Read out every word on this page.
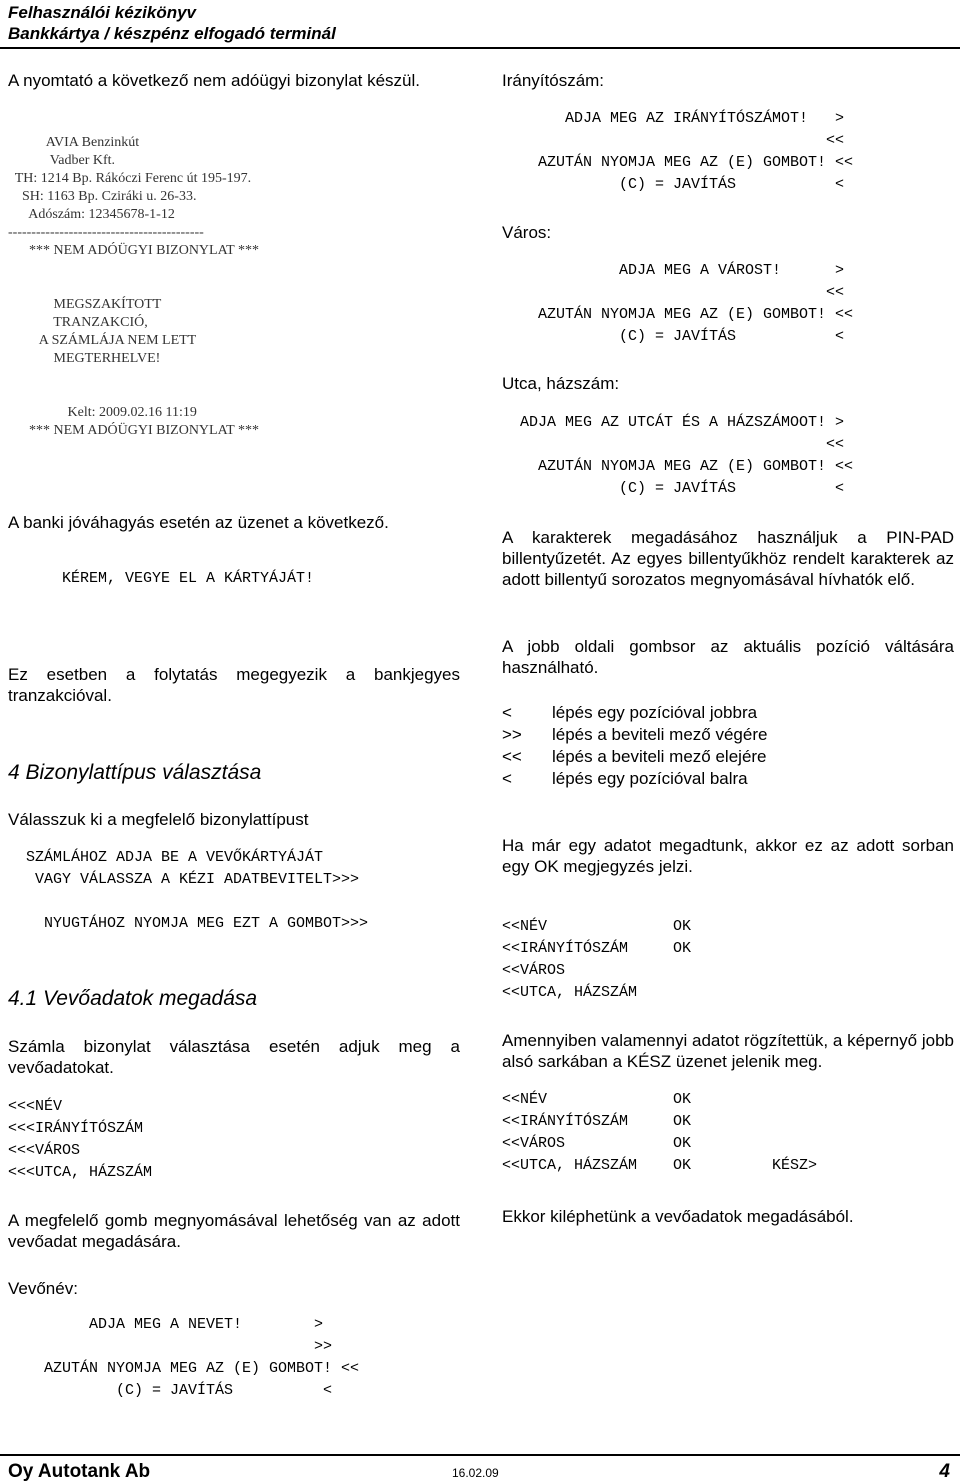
Felhasználói kézikönyv
Bankkártya / készpénz elfogadó terminál

A nyomtató a következő nem adóügyi bizonylat készül.

AVIA Benzinkút
Vadber Kft.
TH: 1214 Bp. Rákóczi Ferenc út 195-197.
SH: 1163 Bp. Cziráki u. 26-33.
Adószám: 12345678-1-12
------------------------------------------
*** NEM ADÓÜGYI BIZONYLAT ***

MEGSZAKÍTOTT
TRANZAKCIÓ,
A SZÁMLÁJA NEM LETT
MEGTERHELVE!

Kelt: 2009.02.16 11:19
*** NEM ADÓÜGYI BIZONYLAT ***

A banki jóváhagyás esetén az üzenet a következő.

KÉREM, VEGYE EL A KÁRTYÁJÁT!

Ez esetben a folytatás megegyezik a bankjegyes tranzakcióval.

4 Bizonylattípus választása

Válasszuk ki a megfelelő bizonylattípust

SZÁMLÁHOZ ADJA BE A VEVŐKÁRTYÁJÁT
VAGY VÁLASSZA A KÉZI ADATBEVITELT>>>

NYUGTÁHOZ NYOMJA MEG EZT A GOMBOT>>>

4.1 Vevőadatok megadása

Számla bizonylat választása esetén adjuk meg a vevőadatokat.

<<<NÉV
<<<IRÁNYÍTÓSZÁM
<<<VÁROS
<<<UTCA, HÁZSZÁM

A megfelelő gomb megnyomásával lehetőség van az adott vevőadat megadására.

Vevőnév:

ADJA MEG A NEVET!        >
>>
AZUTÁN NYOMJA MEG AZ (E) GOMBOT! <<
(C) = JAVÍTÁS          <

Irányítószám:

ADJA MEG AZ IRÁNYÍTÓSZÁMOT!   >
<<
AZUTÁN NYOMJA MEG AZ (E) GOMBOT! <<
(C) = JAVÍTÁS           <

Város:

ADJA MEG A VÁROST!      >
<<
AZUTÁN NYOMJA MEG AZ (E) GOMBOT! <<
(C) = JAVÍTÁS           <

Utca, házszám:

ADJA MEG AZ UTCÁT ÉS A HÁZSZÁMOOT! >
<<
AZUTÁN NYOMJA MEG AZ (E) GOMBOT! <<
(C) = JAVÍTÁS           <

A karakterek megadásához használjuk a PIN-PAD billentyűzetét. Az egyes billentyűkhöz rendelt karakterek az adott billentyű sorozatos megnyomásával hívhatók elő.

A jobb oldali gombsor az aktuális pozíció váltására használható.

< lépés egy pozícióval jobbra
>> lépés a beviteli mező végére
<< lépés a beviteli mező elejére
< lépés egy pozícióval balra

Ha már egy adatot megadtunk, akkor ez az adott sorban egy OK megjegyzés jelzi.

<<NÉV              OK
<<IRÁNYÍTÓSZÁM     OK
<<VÁROS
<<UTCA, HÁZSZÁM

Amennyiben valamennyi adatot rögzítettük, a képernyő jobb alsó sarkában a KÉSZ üzenet jelenik meg.

<<NÉV              OK
<<IRÁNYÍTÓSZÁM     OK
<<VÁROS            OK
<<UTCA, HÁZSZÁM    OK         KÉSZ>

Ekkor kiléphetünk a vevőadatok megadásából.

Oy Autotank Ab	16.02.09	4
